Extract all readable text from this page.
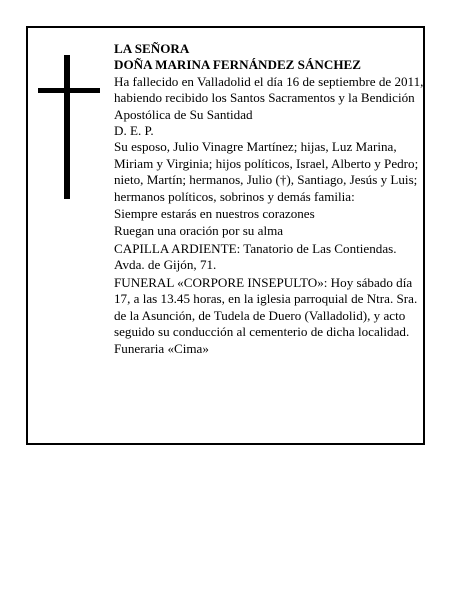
LA SEÑORA

DOÑA MARINA FERNÁNDEZ SÁNCHEZ

Ha fallecido en Valladolid el día 16 de septiembre de 2011, habiendo recibido los Santos Sacramentos y la Bendición Apostólica de Su Santidad

D. E. P.

Su esposo, Julio Vinagre Martínez; hijas, Luz Marina, Miriam y Virginia; hijos políticos, Israel, Alberto y Pedro; nieto, Martín; hermanos, Julio (†), Santiago, Jesús y Luis; hermanos políticos, sobrinos y demás familia:

Siempre estarás en nuestros corazones

Ruegan una oración por su alma

CAPILLA ARDIENTE: Tanatorio de Las Contiendas. Avda. de Gijón, 71.

FUNERAL «CORPORE INSEPULTO»: Hoy sábado día 17, a las 13.45 horas, en la iglesia parroquial de Ntra. Sra. de la Asunción, de Tudela de Duero (Valladolid), y acto seguido su conducción al cementerio de dicha localidad.

Funeraria «Cima»
